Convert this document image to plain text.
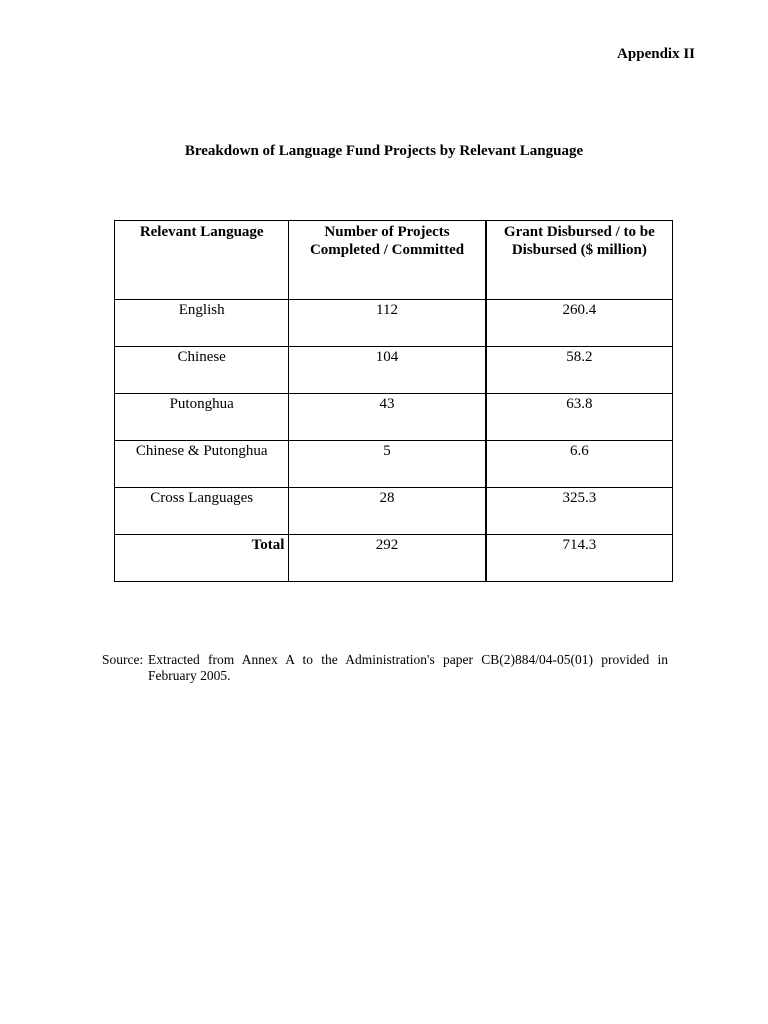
Appendix II
Breakdown of Language Fund Projects by Relevant Language
Relevant Language	Number of Projects Completed / Committed	Grant Disbursed / to be Disbursed ($ million)
English	112	260.4
Chinese	104	58.2
Putonghua	43	63.8
Chinese & Putonghua	5	6.6
Cross Languages	28	325.3
Total	292	714.3
Source: Extracted from Annex A to the Administration's paper CB(2)884/04-05(01) provided in February 2005.
